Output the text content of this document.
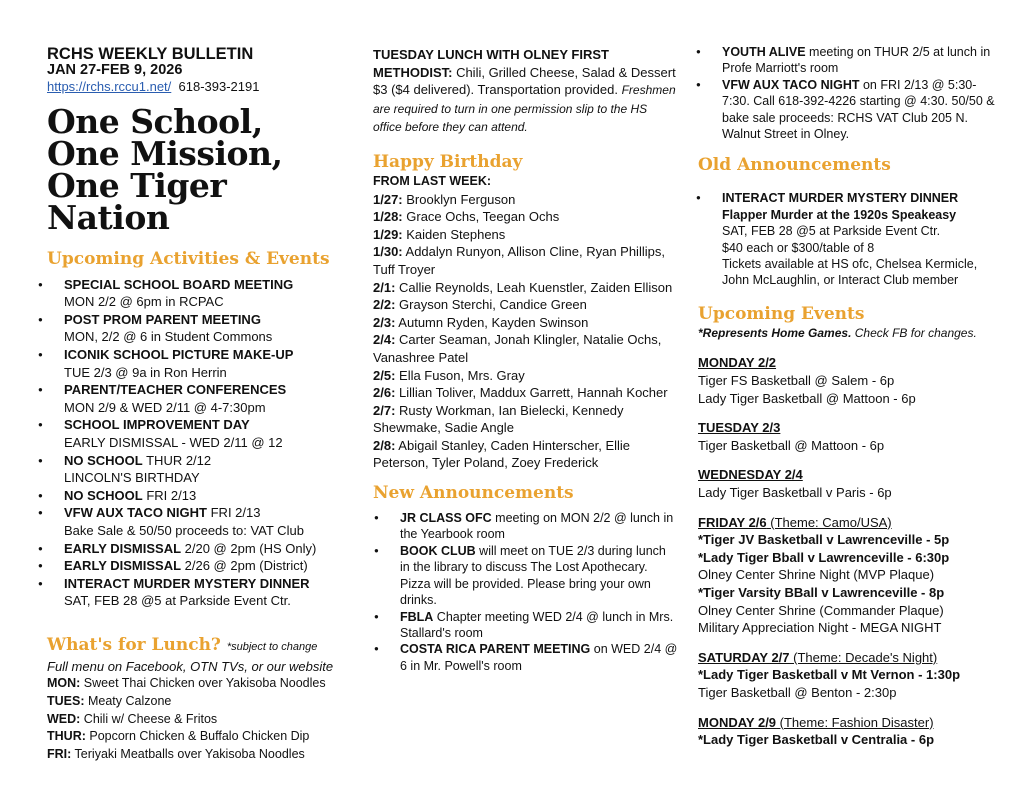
RCHS WEEKLY BULLETIN
JAN 27-FEB 9, 2026
https://rchs.rccu1.net/ 618-393-2191
One School,
One Mission,
One Tiger Nation
Upcoming Activities & Events
● SPECIAL SCHOOL BOARD MEETING
MON 2/2 @ 6pm in RCPAC
● POST PROM PARENT MEETING
MON, 2/2 @ 6 in Student Commons
● ICONIK SCHOOL PICTURE MAKE-UP
TUE 2/3 @ 9a in Ron Herrin
● PARENT/TEACHER CONFERENCES
MON 2/9 & WED 2/11 @ 4-7:30pm
● SCHOOL IMPROVEMENT DAY
EARLY DISMISSAL - WED 2/11 @ 12
● NO SCHOOL THUR 2/12
LINCOLN'S BIRTHDAY
● NO SCHOOL FRI 2/13
● VFW AUX TACO NIGHT FRI 2/13
Bake Sale & 50/50 proceeds to: VAT Club
● EARLY DISMISSAL 2/20 @ 2pm (HS Only)
● EARLY DISMISSAL 2/26 @ 2pm (District)
● INTERACT MURDER MYSTERY DINNER
SAT, FEB 28 @5 at Parkside Event Ctr.
What's for Lunch? *subject to change
Full menu on Facebook, OTN TVs, or our website
MON: Sweet Thai Chicken over Yakisoba Noodles
TUES: Meaty Calzone
WED: Chili w/ Cheese & Fritos
THUR: Popcorn Chicken & Buffalo Chicken Dip
FRI: Teriyaki Meatballs over Yakisoba Noodles
TUESDAY LUNCH WITH OLNEY FIRST METHODIST: Chili, Grilled Cheese, Salad & Dessert $3 ($4 delivered). Transportation provided. Freshmen are required to turn in one permission slip to the HS office before they can attend.
Happy Birthday
FROM LAST WEEK:
1/27: Brooklyn Ferguson
1/28: Grace Ochs, Teegan Ochs
1/29: Kaiden Stephens
1/30: Addalyn Runyon, Allison Cline, Ryan Phillips, Tuff Troyer
2/1: Callie Reynolds, Leah Kuenstler, Zaiden Ellison
2/2: Grayson Sterchi, Candice Green
2/3: Autumn Ryden, Kayden Swinson
2/4: Carter Seaman, Jonah Klingler, Natalie Ochs, Vanashree Patel
2/5: Ella Fuson, Mrs. Gray
2/6: Lillian Toliver, Maddux Garrett, Hannah Kocher
2/7: Rusty Workman, Ian Bielecki, Kennedy Shewmake, Sadie Angle
2/8: Abigail Stanley, Caden Hinterscher, Ellie Peterson, Tyler Poland, Zoey Frederick
New Announcements
● JR CLASS OFC meeting on MON 2/2 @ lunch in the Yearbook room
● BOOK CLUB will meet on TUE 2/3 during lunch in the library to discuss The Lost Apothecary. Pizza will be provided. Please bring your own drinks.
● FBLA Chapter meeting WED 2/4 @ lunch in Mrs. Stallard's room
● COSTA RICA PARENT MEETING on WED 2/4 @ 6 in Mr. Powell's room
● YOUTH ALIVE meeting on THUR 2/5 at lunch in Profe Marriott's room
● VFW AUX TACO NIGHT on FRI 2/13 @ 5:30-7:30. Call 618-392-4226 starting @ 4:30. 50/50 & bake sale proceeds: RCHS VAT Club 205 N. Walnut Street in Olney.
Old Announcements
● INTERACT MURDER MYSTERY DINNER
Flapper Murder at the 1920s Speakeasy
SAT, FEB 28 @5 at Parkside Event Ctr.
$40 each or $300/table of 8
Tickets available at HS ofc, Chelsea Kermicle, John McLaughlin, or Interact Club member
Upcoming Events
*Represents Home Games. Check FB for changes.
MONDAY 2/2
Tiger FS Basketball @ Salem - 6p
Lady Tiger Basketball @ Mattoon - 6p
TUESDAY 2/3
Tiger Basketball @ Mattoon - 6p
WEDNESDAY 2/4
Lady Tiger Basketball v Paris - 6p
FRIDAY 2/6 (Theme: Camo/USA)
*Tiger JV Basketball v Lawrenceville - 5p
*Lady Tiger Bball v Lawrenceville - 6:30p
Olney Center Shrine Night (MVP Plaque)
*Tiger Varsity BBall v Lawrenceville - 8p
Olney Center Shrine (Commander Plaque)
Military Appreciation Night - MEGA NIGHT
SATURDAY 2/7 (Theme: Decade's Night)
*Lady Tiger Basketball v Mt Vernon - 1:30p
Tiger Basketball @ Benton - 2:30p
MONDAY 2/9 (Theme: Fashion Disaster)
*Lady Tiger Basketball v Centralia - 6p
